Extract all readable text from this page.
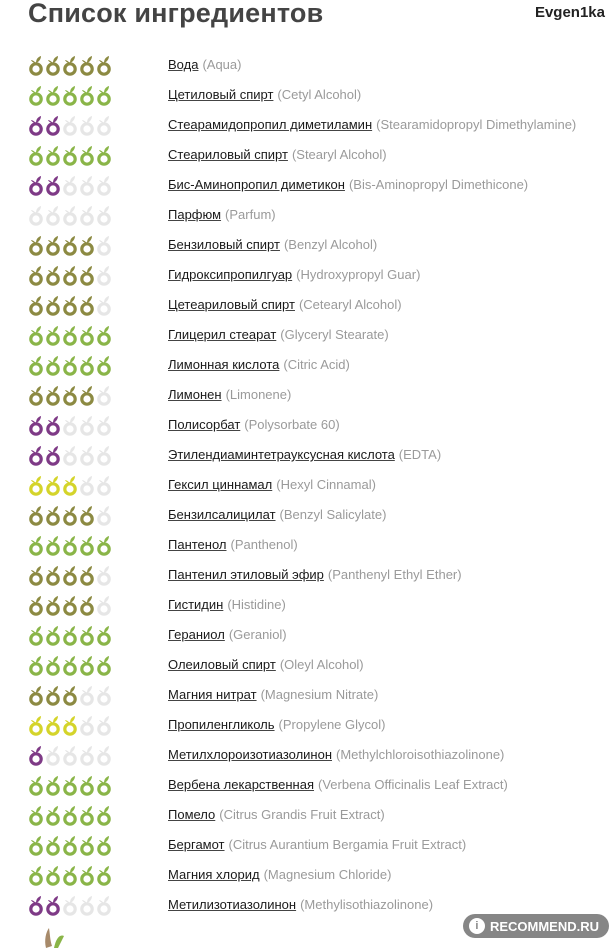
Список ингредиентов	Evgen1ka
Вода (Aqua)
Цетиловый спирт (Cetyl Alcohol)
Стеарамидопропил диметиламин (Stearamidopropyl Dimethylamine)
Стеариловый спирт (Stearyl Alcohol)
Бис-Аминопропил диметикон (Bis-Aminopropyl Dimethicone)
Парфюм (Parfum)
Бензиловый спирт (Benzyl Alcohol)
Гидроксипропилгуар (Hydroxypropyl Guar)
Цетеариловый спирт (Cetearyl Alcohol)
Глицерил стеарат (Glyceryl Stearate)
Лимонная кислота (Citric Acid)
Лимонен (Limonene)
Полисорбат (Polysorbate 60)
Этилендиаминтетрауксусная кислота (EDTA)
Гексил циннамал (Hexyl Cinnamal)
Бензилсалицилат (Benzyl Salicylate)
Пантенол (Panthenol)
Пантенил этиловый эфир (Panthenyl Ethyl Ether)
Гистидин (Histidine)
Гераниол (Geraniol)
Олеиловый спирт (Oleyl Alcohol)
Магния нитрат (Magnesium Nitrate)
Пропиленгликоль (Propylene Glycol)
Метилхлороизотиазолинон (Methylchloroisothiazolinone)
Вербена лекарственная (Verbena Officinalis Leaf Extract)
Помело (Citrus Grandis Fruit Extract)
Бергамот (Citrus Aurantium Bergamia Fruit Extract)
Магния хлорид (Magnesium Chloride)
Метилизотиазолинон (Methylisothiazolinone)
i RECOMMEND.RU
